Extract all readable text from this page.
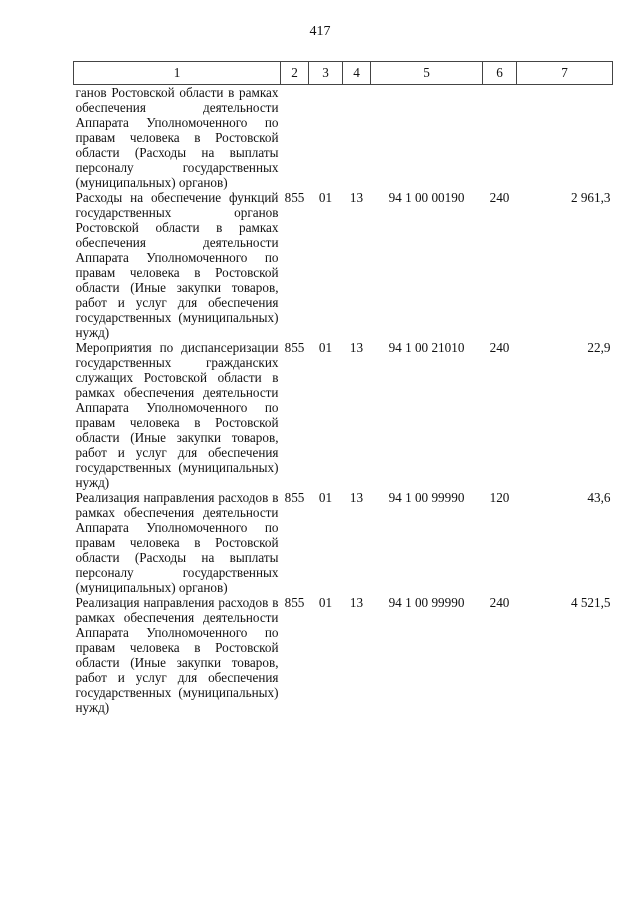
417
1	2	3	4	5	6	7
ганов Ростовской области в рамках обеспечения деятельности Аппарата Уполномоченного по правам человека в Ростовской области (Расходы на выплаты персоналу государственных (муниципальных) органов)						
Расходы на обеспечение функций государственных органов Ростовской области в рамках обеспечения деятельности Аппарата Уполномоченного по правам человека в Ростовской области (Иные закупки товаров, работ и услуг для обеспечения государственных (муниципальных) нужд)	855	01	13	94 1 00 00190	240	2 961,3
Мероприятия по диспансеризации государственных гражданских служащих Ростовской области в рамках обеспечения деятельности Аппарата Уполномоченного по правам человека в Ростовской области (Иные закупки товаров, работ и услуг для обеспечения государственных (муниципальных) нужд)	855	01	13	94 1 00 21010	240	22,9
Реализация направления расходов в рамках обеспечения деятельности Аппарата Уполномоченного по правам человека в Ростовской области (Расходы на выплаты персоналу государственных (муниципальных) органов)	855	01	13	94 1 00 99990	120	43,6
Реализация направления расходов в рамках обеспечения деятельности Аппарата Уполномоченного по правам человека в Ростовской области (Иные закупки товаров, работ и услуг для обеспечения государственных (муниципальных) нужд)	855	01	13	94 1 00 99990	240	4 521,5
